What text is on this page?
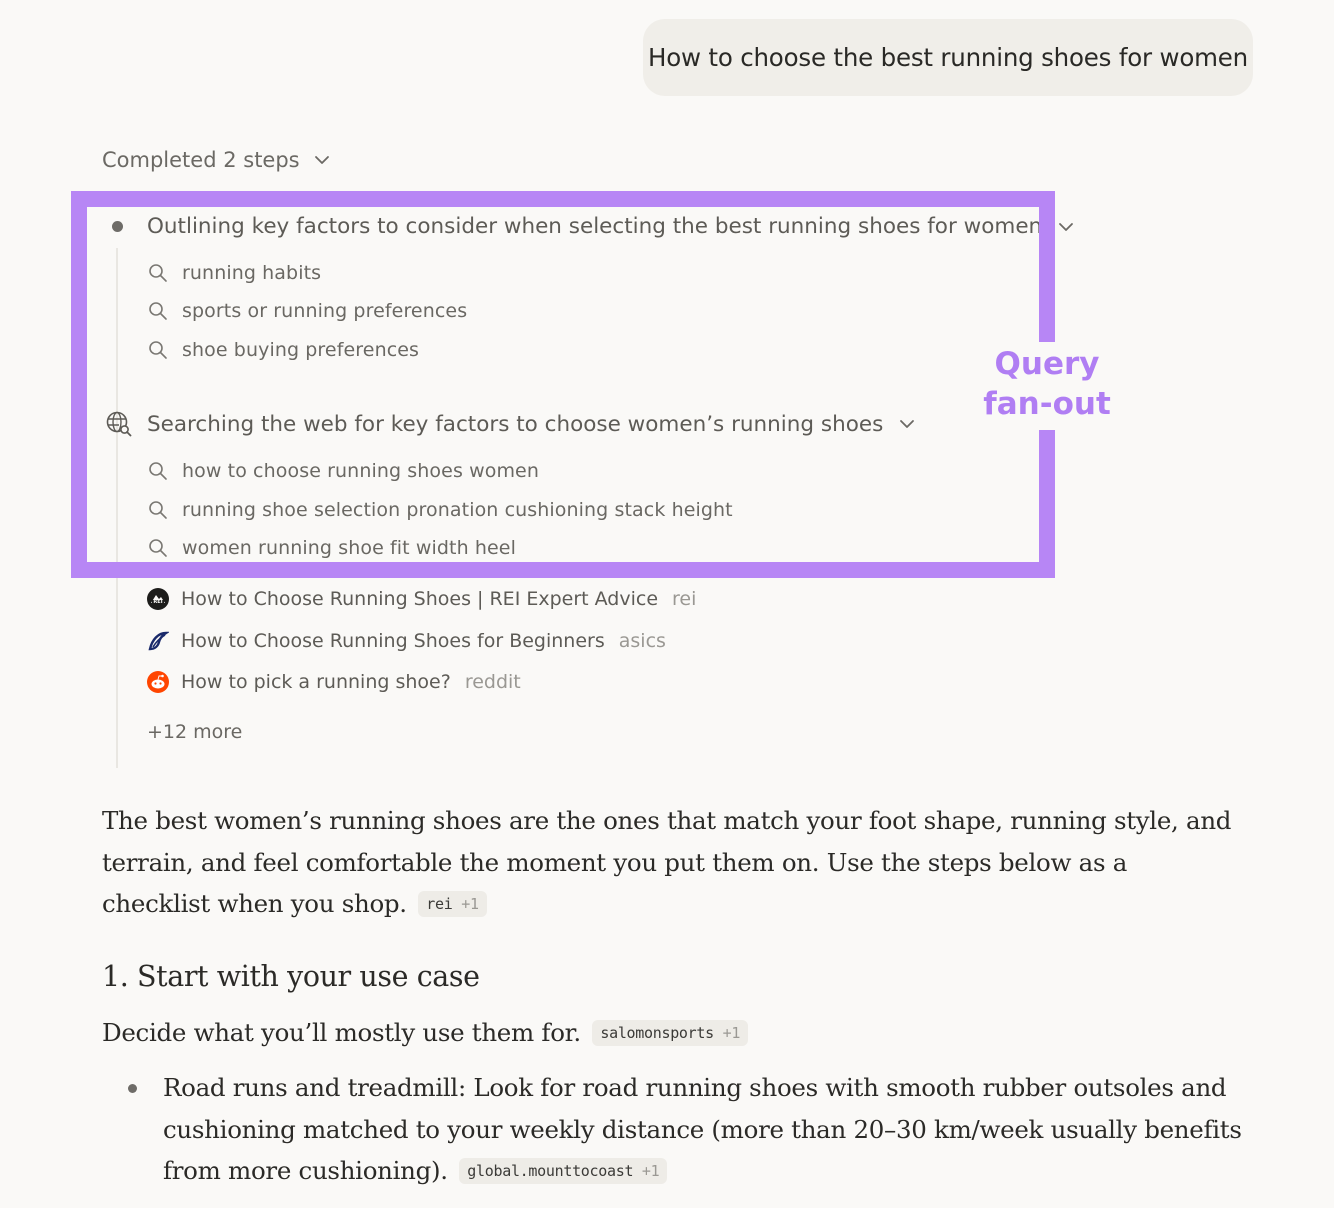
How to choose the best running shoes for women
Completed 2 steps
Outlining key factors to consider when selecting the best running shoes for women
running habits
sports or running preferences
shoe buying preferences
Searching the web for key factors to choose women’s running shoes
how to choose running shoes women
running shoe selection pronation cushioning stack height
women running shoe fit width heel
REI How to Choose Running Shoes | REI Expert Advice rei
How to Choose Running Shoes for Beginners asics
How to pick a running shoe? reddit
+12 more
Query
fan-out
The best women’s running shoes are the ones that match your foot shape, running style, and terrain, and feel comfortable the moment you put them on. Use the steps below as a checklist when you shop. rei +1
1. Start with your use case
Decide what you’ll mostly use them for. salomonsports +1
Road runs and treadmill: Look for road running shoes with smooth rubber outsoles and cushioning matched to your weekly distance (more than 20–30 km/week usually benefits from more cushioning). global.mounttocoast +1
